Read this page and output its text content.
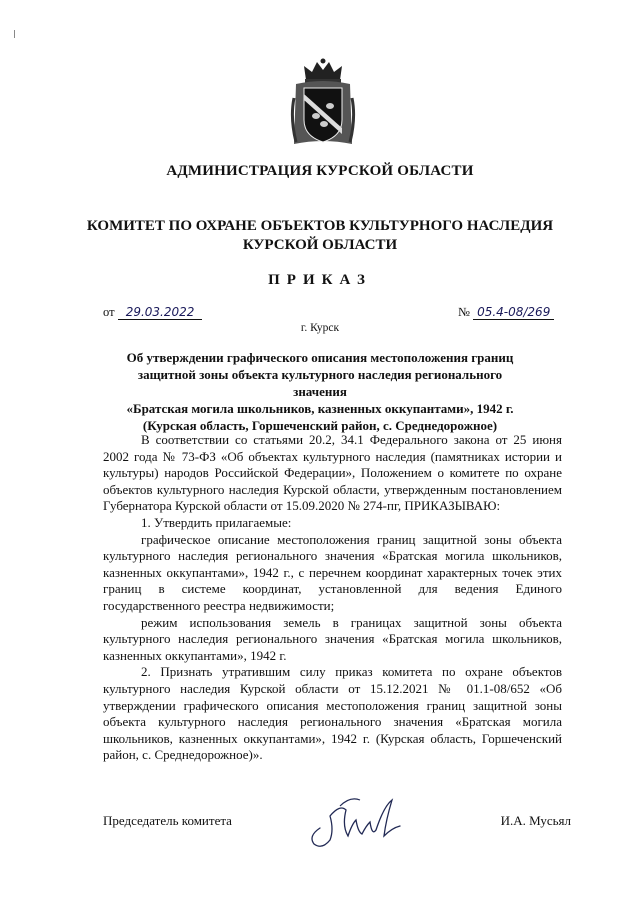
АДМИНИСТРАЦИЯ КУРСКОЙ ОБЛАСТИ
КОМИТЕТ ПО ОХРАНЕ ОБЪЕКТОВ КУЛЬТУРНОГО НАСЛЕДИЯ
КУРСКОЙ ОБЛАСТИ
ПРИКАЗ
от 29.03.2022	№ 05.4-08/269
г. Курск
Об утверждении графического описания местоположения границ
защитной зоны объекта культурного наследия регионального значения
«Братская могила школьников, казненных оккупантами», 1942 г.
(Курская область, Горшеченский район, с. Среднедорожное)

В соответствии со статьями 20.2, 34.1 Федерального закона от 25 июня 2002 года № 73-ФЗ «Об объектах культурного наследия (памятниках истории и культуры) народов Российской Федерации», Положением о комитете по охране объектов культурного наследия Курской области, утвержденным постановлением Губернатора Курской области от 15.09.2020 № 274-пг, ПРИКАЗЫВАЮ:

1. Утвердить прилагаемые:

графическое описание местоположения границ защитной зоны объекта культурного наследия регионального значения «Братская могила школьников, казненных оккупантами», 1942 г., с перечнем координат характерных точек этих границ в системе координат, установленной для ведения Единого государственного реестра недвижимости;

режим использования земель в границах защитной зоны объекта культурного наследия регионального значения «Братская могила школьников, казненных оккупантами», 1942 г.

2. Признать утратившим силу приказ комитета по охране объектов культурного наследия Курской области от 15.12.2021 № 01.1-08/652 «Об утверждении графического описания местоположения границ защитной зоны объекта культурного наследия регионального значения «Братская могила школьников, казненных оккупантами», 1942 г. (Курская область, Горшеченский район, с. Среднедорожное)».

Председатель комитета	И.А. Мусьял
